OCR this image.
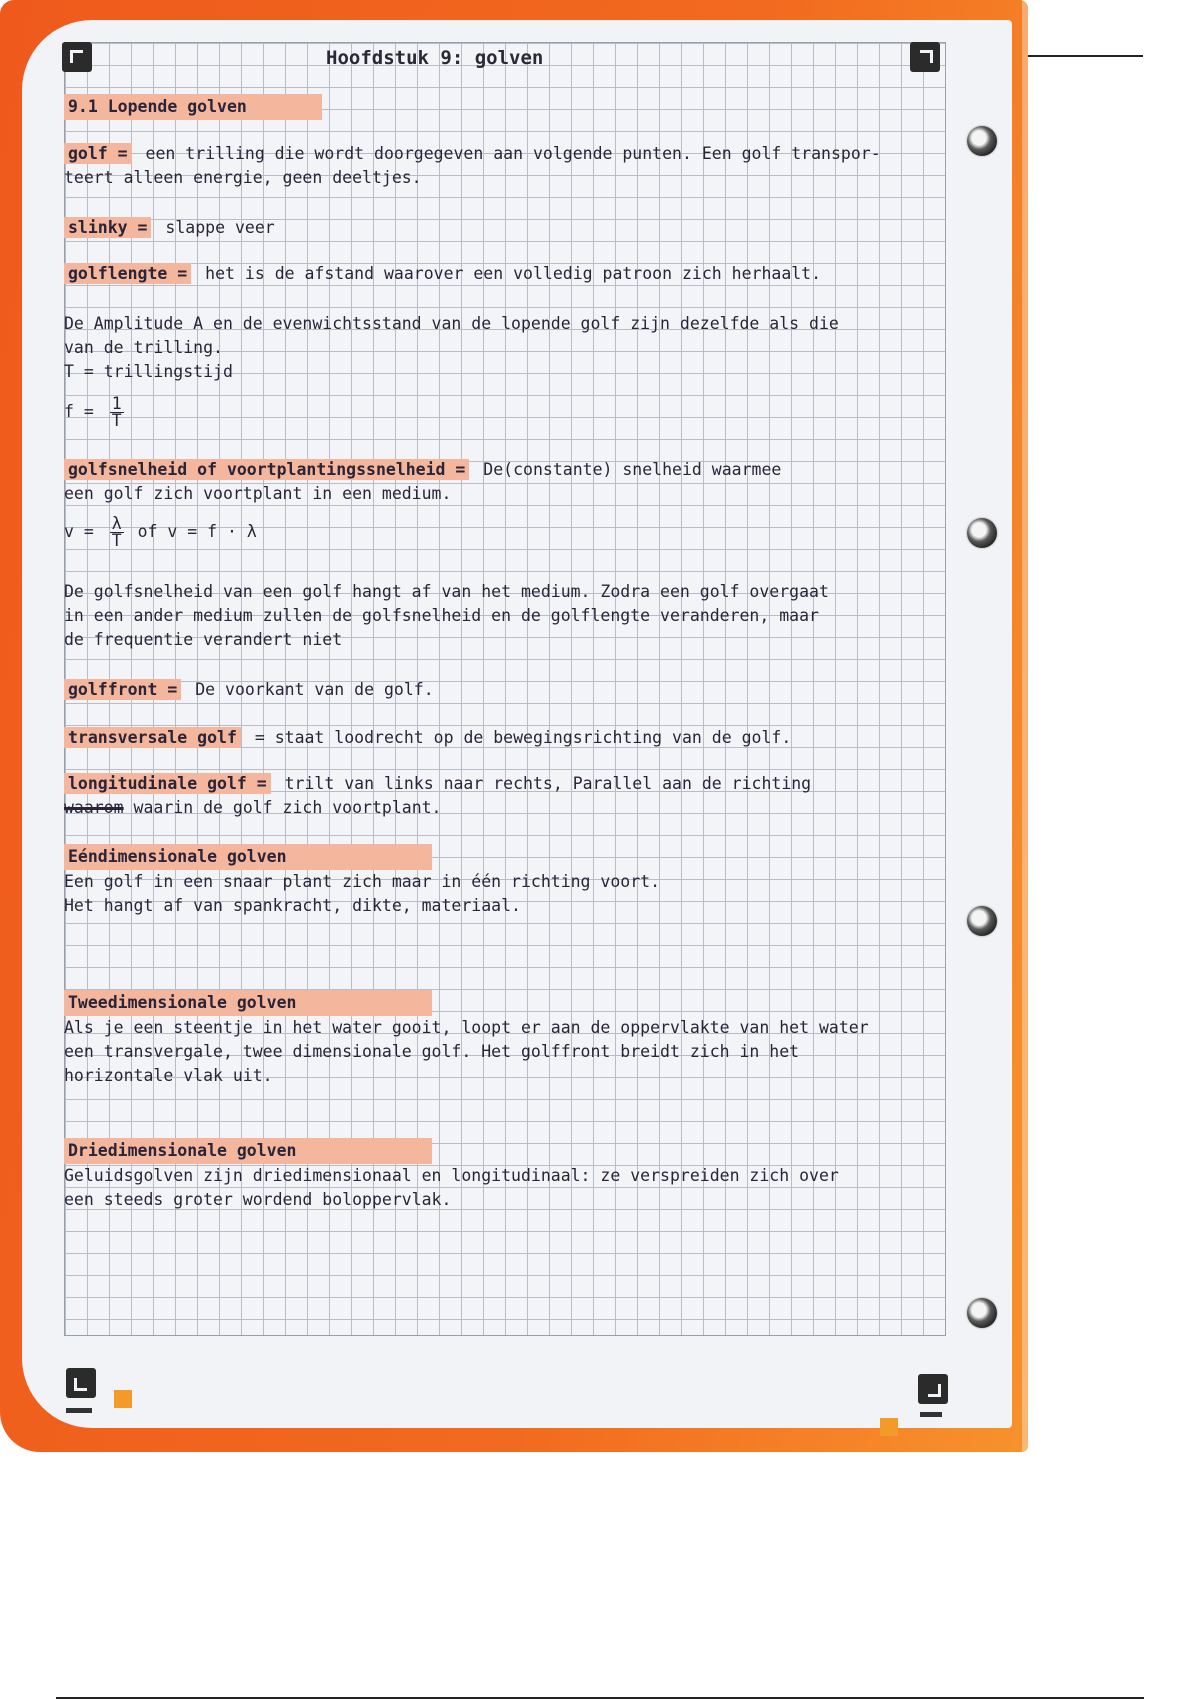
Hoofdstuk 9: golven
9.1 Lopende golven
golf = een trilling die wordt doorgegeven aan volgende punten. Een golf transpor-
teert alleen energie, geen deeltjes.
slinky = slappe veer
golflengte = het is de afstand waarover een volledig patroon zich herhaalt.
De Amplitude A en de evenwichtsstand van de lopende golf zijn dezelfde als die
van de trilling.
T = trillingstijd
$f = \frac{1}{T}$
golfsnelheid of voortplantingssnelheid = De(constante) snelheid waarmee
een golf zich voortplant in een medium.
$v = \frac{\lambda}{T}$ of v = f · λ
De golfsnelheid van een golf hangt af van het medium. Zodra een golf overgaat
in een ander medium zullen de golfsnelheid en de golflengte veranderen, maar
de frequentie verandert niet
golffront = De voorkant van de golf.
transversale golf = staat loodrecht op de bewegingsrichting van de golf.
longitudinale golf = trilt van links naar rechts, Parallel aan de richting
waarom waarin de golf zich voortplant.
Eéndimensionale golven
Een golf in een snaar plant zich maar in één richting voort.
Het hangt af van spankracht, dikte, materiaal.
Tweedimensionale golven
Als je een steentje in het water gooit, loopt er aan de oppervlakte van het water
een transvergale, twee dimensionale golf. Het golffront breidt zich in het
horizontale vlak uit.
Driedimensionale golven
Geluidsgolven zijn driedimensionaal en longitudinaal: ze verspreiden zich over
een steeds groter wordend boloppervlak.
